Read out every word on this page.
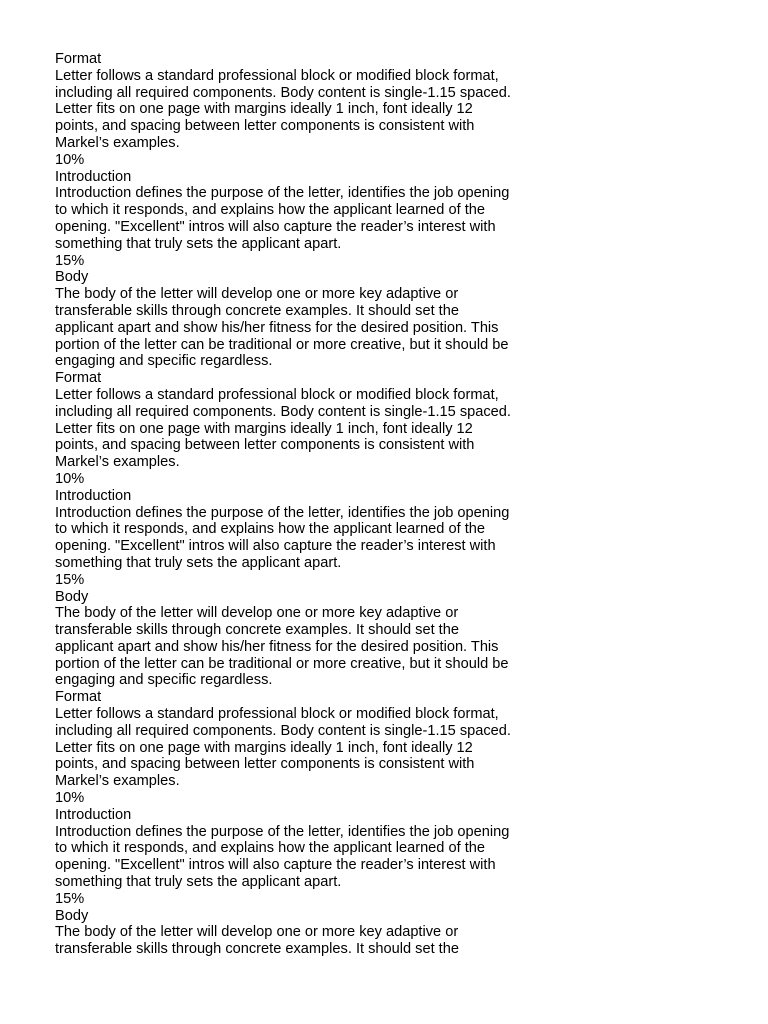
Format
Letter follows a standard professional block or modified block format,
including all required components. Body content is single-1.15 spaced.
Letter fits on one page with margins ideally 1 inch, font ideally 12
points, and spacing between letter components is consistent with
Markel’s examples.
10%
Introduction
Introduction defines the purpose of the letter, identifies the job opening
to which it responds, and explains how the applicant learned of the
opening. "Excellent" intros will also capture the reader’s interest with
something that truly sets the applicant apart.
15%
Body
The body of the letter will develop one or more key adaptive or
transferable skills through concrete examples. It should set the
applicant apart and show his/her fitness for the desired position. This
portion of the letter can be traditional or more creative, but it should be
engaging and specific regardless.
Format
Letter follows a standard professional block or modified block format,
including all required components. Body content is single-1.15 spaced.
Letter fits on one page with margins ideally 1 inch, font ideally 12
points, and spacing between letter components is consistent with
Markel’s examples.
10%
Introduction
Introduction defines the purpose of the letter, identifies the job opening
to which it responds, and explains how the applicant learned of the
opening. "Excellent" intros will also capture the reader’s interest with
something that truly sets the applicant apart.
15%
Body
The body of the letter will develop one or more key adaptive or
transferable skills through concrete examples. It should set the
applicant apart and show his/her fitness for the desired position. This
portion of the letter can be traditional or more creative, but it should be
engaging and specific regardless.
Format
Letter follows a standard professional block or modified block format,
including all required components. Body content is single-1.15 spaced.
Letter fits on one page with margins ideally 1 inch, font ideally 12
points, and spacing between letter components is consistent with
Markel’s examples.
10%
Introduction
Introduction defines the purpose of the letter, identifies the job opening
to which it responds, and explains how the applicant learned of the
opening. "Excellent" intros will also capture the reader’s interest with
something that truly sets the applicant apart.
15%
Body
The body of the letter will develop one or more key adaptive or
transferable skills through concrete examples. It should set the
